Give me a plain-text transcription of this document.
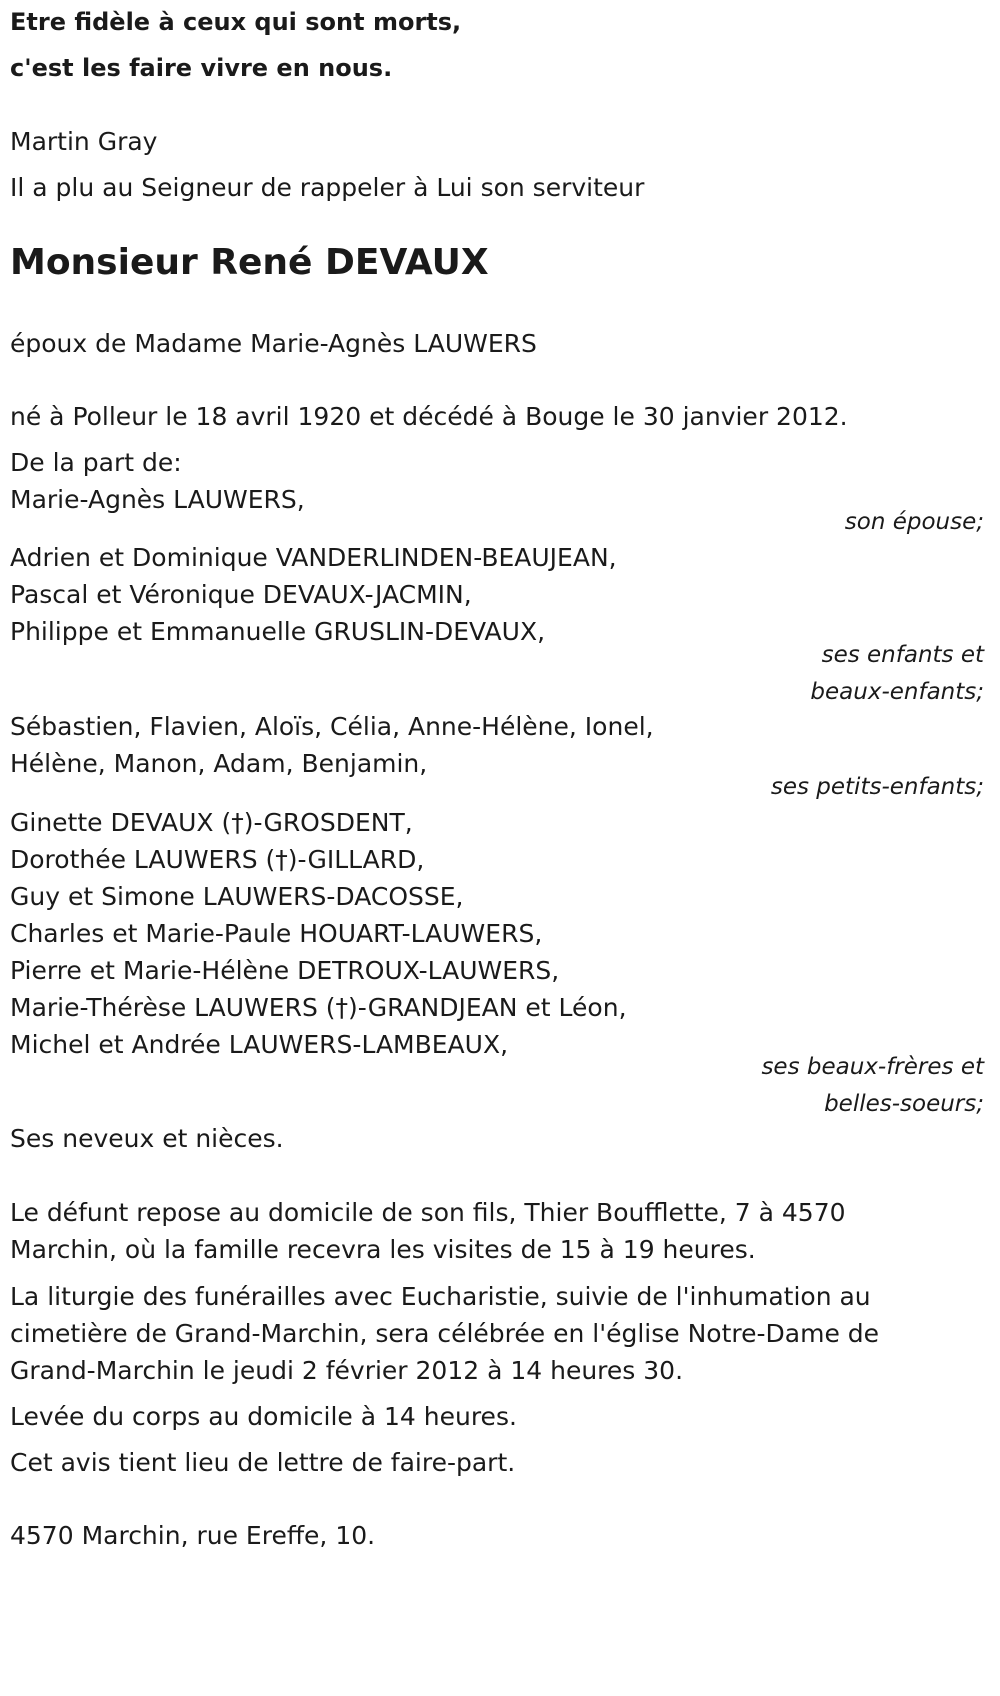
Etre fidèle à ceux qui sont morts,
c'est les faire vivre en nous.
Martin Gray
Il a plu au Seigneur de rappeler à Lui son serviteur
Monsieur René DEVAUX
époux de Madame Marie-Agnès LAUWERS
né à Polleur le 18 avril 1920 et décédé à Bouge le 30 janvier 2012.
De la part de:
Marie-Agnès LAUWERS,
son épouse;
Adrien et Dominique VANDERLINDEN-BEAUJEAN,
Pascal et Véronique DEVAUX-JACMIN,
Philippe et Emmanuelle GRUSLIN-DEVAUX,
ses enfants et
beaux-enfants;
Sébastien, Flavien, Aloïs, Célia, Anne-Hélène, Ionel,
Hélène, Manon, Adam, Benjamin,
ses petits-enfants;
Ginette DEVAUX (†)-GROSDENT,
Dorothée LAUWERS (†)-GILLARD,
Guy et Simone LAUWERS-DACOSSE,
Charles et Marie-Paule HOUART-LAUWERS,
Pierre et Marie-Hélène DETROUX-LAUWERS,
Marie-Thérèse LAUWERS (†)-GRANDJEAN et Léon,
Michel et Andrée LAUWERS-LAMBEAUX,
ses beaux-frères et
belles-soeurs;
Ses neveux et nièces.
Le défunt repose au domicile de son fils, Thier Boufflette, 7 à 4570
Marchin, où la famille recevra les visites de 15 à 19 heures.
La liturgie des funérailles avec Eucharistie, suivie de l'inhumation au
cimetière de Grand-Marchin, sera célébrée en l'église Notre-Dame de
Grand-Marchin le jeudi 2 février 2012 à 14 heures 30.
Levée du corps au domicile à 14 heures.
Cet avis tient lieu de lettre de faire-part.
4570 Marchin, rue Ereffe, 10.
